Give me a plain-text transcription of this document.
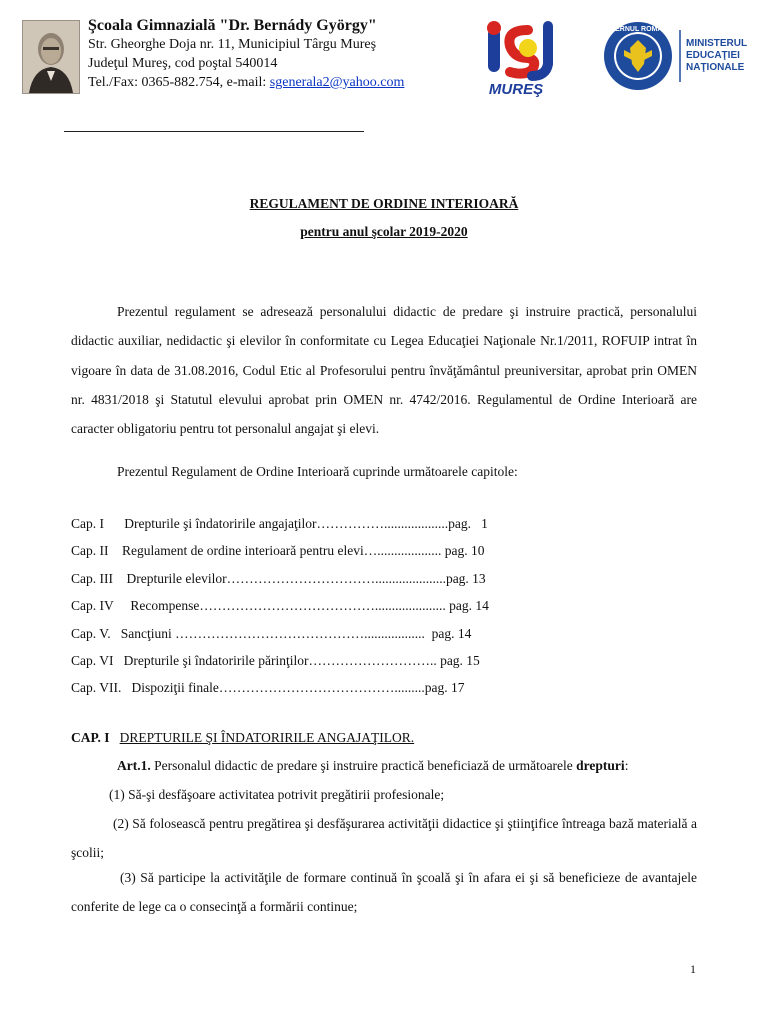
Şcoala Gimnazială "Dr. Bernády György"
Str. Gheorghe Doja nr. 11, Municipiul Târgu Mureş
Judeţul Mureş, cod poştal 540014
Tel./Fax: 0365-882.754, e-mail: sgenerala2@yahoo.com	MUREŞ
GUVERNUL ROMÂNIEI
MINISTERUL
EDUCAŢIEI
NAŢIONALE
REGULAMENT DE ORDINE INTERIOARĂ
pentru anul şcolar 2019-2020
Prezentul regulament se adresează personalului didactic de predare şi instruire practică, personalului didactic auxiliar, nedidactic şi elevilor în conformitate cu Legea Educaţiei Naţionale Nr.1/2011, ROFUIP intrat în vigoare în data de 31.08.2016, Codul Etic al Profesorului pentru învăţământul preuniversitar, aprobat prin OMEN nr. 4831/2018 şi Statutul elevului aprobat prin OMEN nr. 4742/2016. Regulamentul de Ordine Interioară are caracter obligatoriu pentru tot personalul angajat şi elevi.
Prezentul Regulament de Ordine Interioară cuprinde următoarele capitole:
Cap. I      Drepturile şi îndatoririle angajaţilor……………...................pag.   1
Cap. II    Regulament de ordine interioară pentru elevi…................... pag. 10
Cap. III    Drepturile elevilor…………………………….....................pag. 13
Cap. IV     Recompense…………………………………..................... pag. 14
Cap. V.   Sancţiuni ……………………………………..................  pag. 14
Cap. VI   Drepturile şi îndatoririle părinţilor……………………….. pag. 15
Cap. VII.   Dispoziţii finale………………………………….........pag. 17
CAP. I DREPTURILE ŞI ÎNDATORIRILE ANGAJAŢILOR.
Art.1. Personalul didactic de predare şi instruire practică beneficiază de următoarele drepturi:
(1) Să-şi desfăşoare activitatea potrivit pregătirii profesionale;
(2) Să folosească pentru pregătirea şi desfăşurarea activităţii didactice şi ştiinţifice întreaga bază materială a şcolii;
(3) Să participe la activităţile de formare continuă în şcoală şi în afara ei şi să beneficieze de avantajele conferite de lege ca o consecinţă a formării continue;
1
